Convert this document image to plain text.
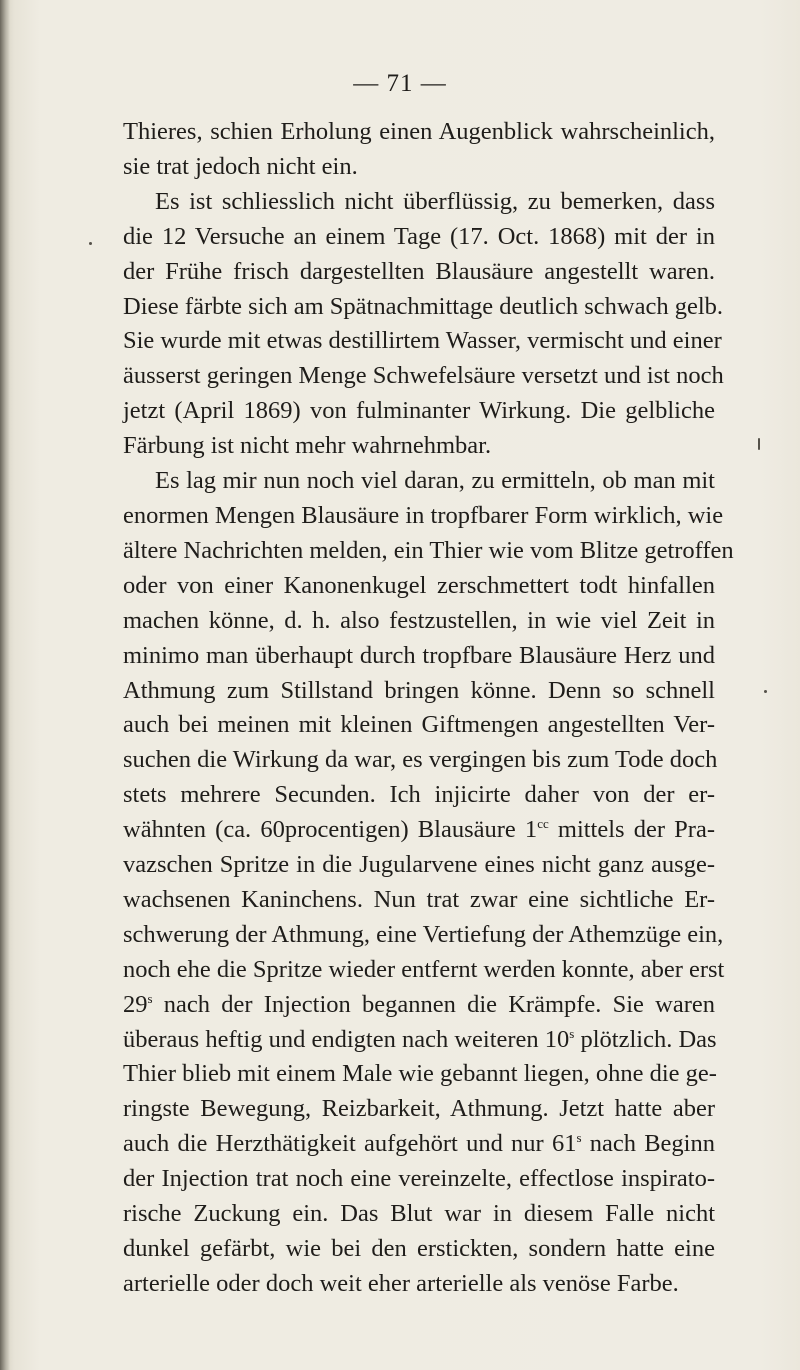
— 71 —
Thieres, schien Erholung einen Augenblick wahrscheinlich,
sie trat jedoch nicht ein.
Es ist schliesslich nicht überflüssig, zu bemerken, dass
die 12 Versuche an einem Tage (17. Oct. 1868) mit der in
der Frühe frisch dargestellten Blausäure angestellt waren.
Diese färbte sich am Spätnachmittage deutlich schwach gelb.
Sie wurde mit etwas destillirtem Wasser, vermischt und einer
äusserst geringen Menge Schwefelsäure versetzt und ist noch
jetzt (April 1869) von fulminanter Wirkung. Die gelbliche
Färbung ist nicht mehr wahrnehmbar.
Es lag mir nun noch viel daran, zu ermitteln, ob man mit
enormen Mengen Blausäure in tropfbarer Form wirklich, wie
ältere Nachrichten melden, ein Thier wie vom Blitze getroffen
oder von einer Kanonenkugel zerschmettert todt hinfallen
machen könne, d. h. also festzustellen, in wie viel Zeit in
minimo man überhaupt durch tropfbare Blausäure Herz und
Athmung zum Stillstand bringen könne. Denn so schnell
auch bei meinen mit kleinen Giftmengen angestellten Ver-
suchen die Wirkung da war, es vergingen bis zum Tode doch
stets mehrere Secunden. Ich injicirte daher von der er-
wähnten (ca. 60procentigen) Blausäure $1^{cc}$ mittels der Pra-
vazschen Spritze in die Jugularvene eines nicht ganz ausge-
wachsenen Kaninchens. Nun trat zwar eine sichtliche Er-
schwerung der Athmung, eine Vertiefung der Athemzüge ein,
noch ehe die Spritze wieder entfernt werden konnte, aber erst
29$^s$ nach der Injection begannen die Krämpfe. Sie waren
überaus heftig und endigten nach weiteren 10$^s$ plötzlich. Das
Thier blieb mit einem Male wie gebannt liegen, ohne die ge-
ringste Bewegung, Reizbarkeit, Athmung. Jetzt hatte aber
auch die Herzthätigkeit aufgehört und nur 61$^s$ nach Beginn
der Injection trat noch eine vereinzelte, effectlose inspirato-
rische Zuckung ein. Das Blut war in diesem Falle nicht
dunkel gefärbt, wie bei den erstickten, sondern hatte eine
arterielle oder doch weit eher arterielle als venöse Farbe.
